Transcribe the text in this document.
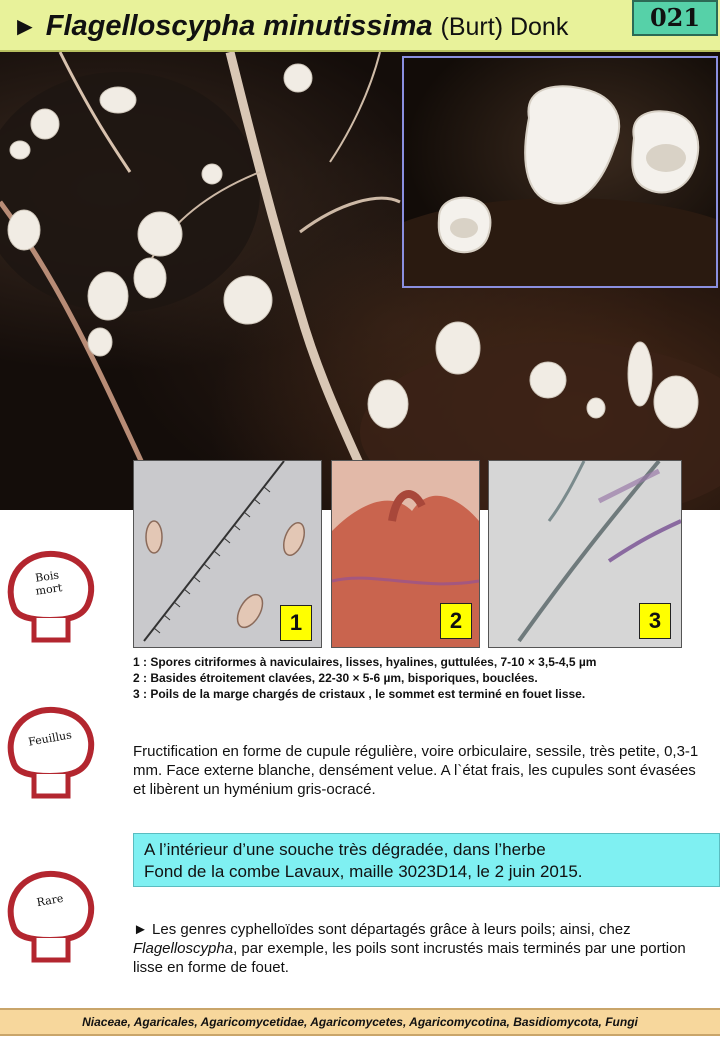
► Flagelloscypha minutissima (Burt) Donk	021
1	2	3
1 : Spores citriformes à naviculaires, lisses, hyalines, guttulées, 7-10 × 3,5-4,5 µm
2 : Basides étroitement clavées, 22-30 × 5-6 µm, bisporiques, bouclées.
3 : Poils de la marge chargés de cristaux , le sommet est terminé en fouet lisse.
Bois
mort
Feuillus
Rare
Fructification en forme de cupule régulière, voire orbiculaire, sessile, très petite, 0,3-1 mm. Face externe blanche, densément velue. A l`état frais, les cupules sont évasées et libèrent un hyménium gris-ocracé.
A l’intérieur d’une souche très dégradée, dans l’herbe
Fond de la combe Lavaux, maille 3023D14, le 2 juin 2015.
► Les genres cyphelloïdes sont départagés grâce à leurs poils; ainsi, chez Flagelloscypha, par exemple, les poils sont incrustés mais terminés par une portion lisse en forme de fouet.
Niaceae, Agaricales, Agaricomycetidae, Agaricomycetes, Agaricomycotina, Basidiomycota, Fungi
